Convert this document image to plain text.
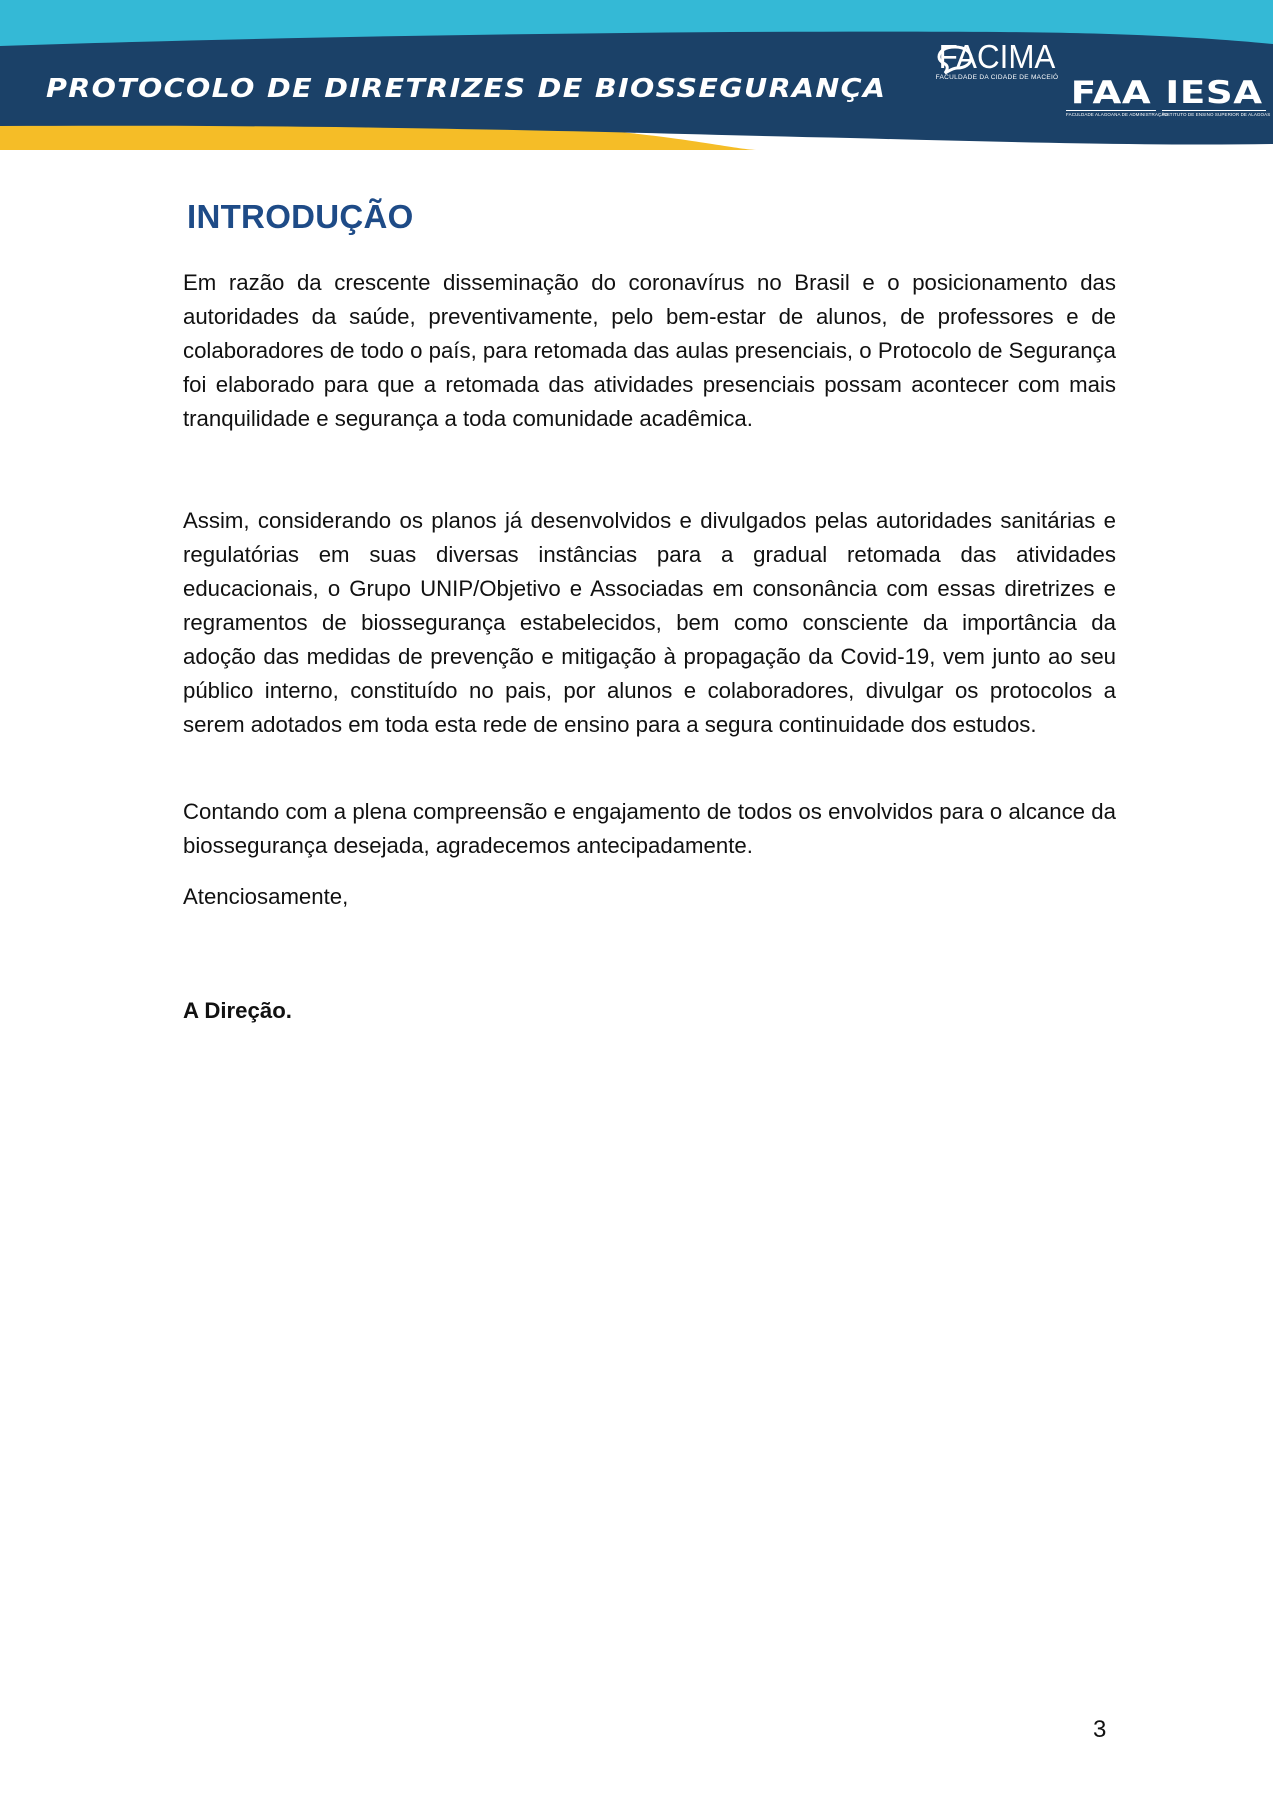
PROTOCOLO DE DIRETRIZES DE BIOSSEGURANÇA
FACIMA
FACULDADE DA CIDADE DE MACEIÓ FAA
FACULDADE ALAGOANA DE ADMINISTRAÇÃO
IESA
INSTITUTO DE ENSINO SUPERIOR DE ALAGOAS
INTRODUÇÃO

Em razão da crescente disseminação do coronavírus no Brasil e o posicionamento das autoridades da saúde, preventivamente, pelo bem-estar de alunos, de professores e de colaboradores de todo o país, para retomada das aulas presenciais, o Protocolo de Segurança foi elaborado para que a retomada das atividades presenciais possam acontecer com mais tranquilidade e segurança a toda comunidade acadêmica.

Assim, considerando os planos já desenvolvidos e divulgados pelas autoridades sanitárias e regulatórias em suas diversas instâncias para a gradual retomada das atividades educacionais, o Grupo UNIP/Objetivo e Associadas em consonância com essas diretrizes e regramentos de biossegurança estabelecidos, bem como consciente da importância da adoção das medidas de prevenção e mitigação à propagação da Covid-19, vem junto ao seu público interno, constituído no pais, por alunos e colaboradores, divulgar os protocolos a serem adotados em toda esta rede de ensino para a segura continuidade dos estudos.

Contando com a plena compreensão e engajamento de todos os envolvidos para o alcance da biossegurança desejada, agradecemos antecipadamente.

Atenciosamente,
A Direção.
3
